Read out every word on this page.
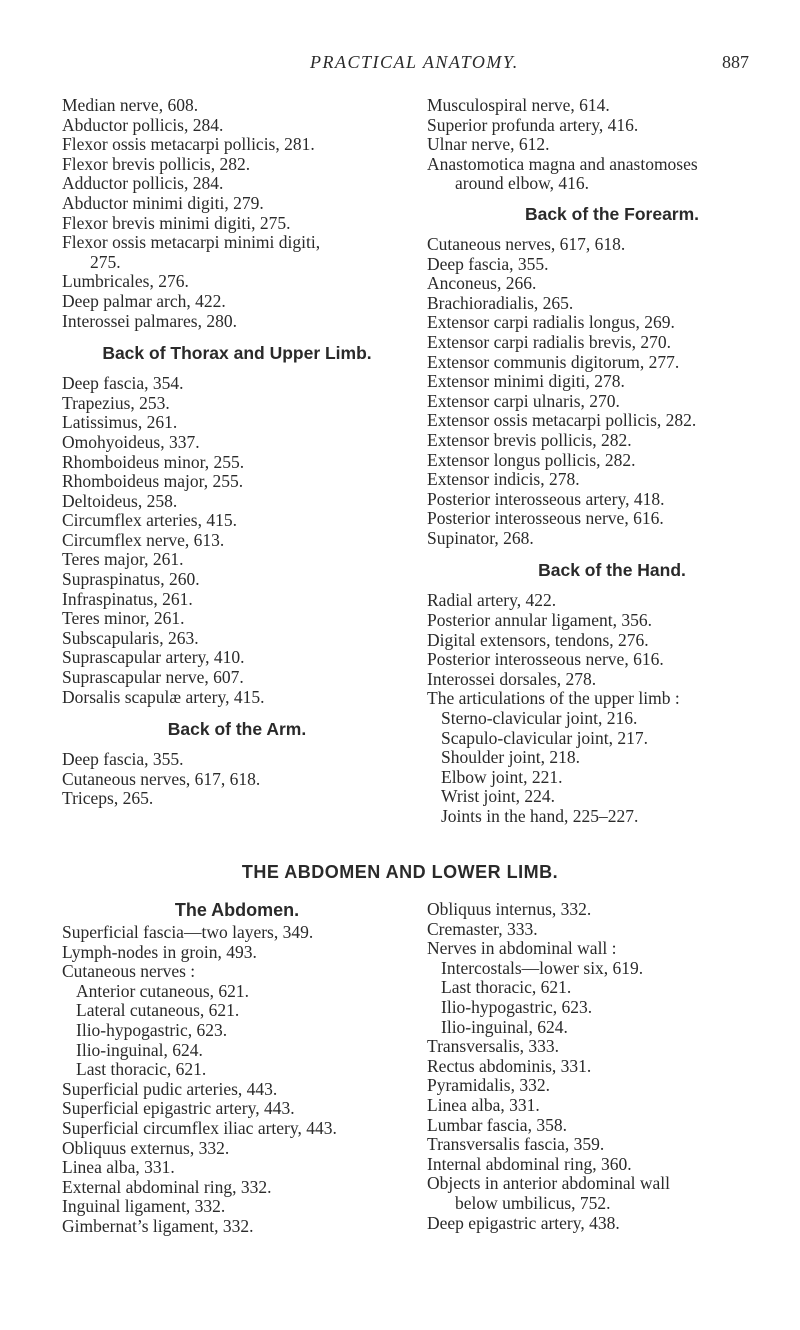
PRACTICAL ANATOMY.	887

Median nerve, 608.

Abductor pollicis, 284.

Flexor ossis metacarpi pollicis, 281.

Flexor brevis pollicis, 282.

Adductor pollicis, 284.

Abductor minimi digiti, 279.

Flexor brevis minimi digiti, 275.

Flexor ossis metacarpi minimi digiti,

275.

Lumbricales, 276.

Deep palmar arch, 422.

Interossei palmares, 280.

Back of Thorax and Upper Limb.

Deep fascia, 354.

Trapezius, 253.

Latissimus, 261.

Omohyoideus, 337.

Rhomboideus minor, 255.

Rhomboideus major, 255.

Deltoideus, 258.

Circumflex arteries, 415.

Circumflex nerve, 613.

Teres major, 261.

Supraspinatus, 260.

Infraspinatus, 261.

Teres minor, 261.

Subscapularis, 263.

Suprascapular artery, 410.

Suprascapular nerve, 607.

Dorsalis scapulæ artery, 415.

Back of the Arm.

Deep fascia, 355.

Cutaneous nerves, 617, 618.

Triceps, 265.

Musculospiral nerve, 614.

Superior profunda artery, 416.

Ulnar nerve, 612.

Anastomotica magna and anastomoses

around elbow, 416.

Back of the Forearm.

Cutaneous nerves, 617, 618.

Deep fascia, 355.

Anconeus, 266.

Brachioradialis, 265.

Extensor carpi radialis longus, 269.

Extensor carpi radialis brevis, 270.

Extensor communis digitorum, 277.

Extensor minimi digiti, 278.

Extensor carpi ulnaris, 270.

Extensor ossis metacarpi pollicis, 282.

Extensor brevis pollicis, 282.

Extensor longus pollicis, 282.

Extensor indicis, 278.

Posterior interosseous artery, 418.

Posterior interosseous nerve, 616.

Supinator, 268.

Back of the Hand.

Radial artery, 422.

Posterior annular ligament, 356.

Digital extensors, tendons, 276.

Posterior interosseous nerve, 616.

Interossei dorsales, 278.

The articulations of the upper limb :

Sterno-clavicular joint, 216.

Scapulo-clavicular joint, 217.

Shoulder joint, 218.

Elbow joint, 221.

Wrist joint, 224.

Joints in the hand, 225–227.

THE ABDOMEN AND LOWER LIMB.
The Abdomen.

Superficial fascia—two layers, 349.

Lymph-nodes in groin, 493.

Cutaneous nerves :

Anterior cutaneous, 621.

Lateral cutaneous, 621.

Ilio-hypogastric, 623.

Ilio-inguinal, 624.

Last thoracic, 621.

Superficial pudic arteries, 443.

Superficial epigastric artery, 443.

Superficial circumflex iliac artery, 443.

Obliquus externus, 332.

Linea alba, 331.

External abdominal ring, 332.

Inguinal ligament, 332.

Gimbernat’s ligament, 332.

Obliquus internus, 332.

Cremaster, 333.

Nerves in abdominal wall :

Intercostals—lower six, 619.

Last thoracic, 621.

Ilio-hypogastric, 623.

Ilio-inguinal, 624.

Transversalis, 333.

Rectus abdominis, 331.

Pyramidalis, 332.

Linea alba, 331.

Lumbar fascia, 358.

Transversalis fascia, 359.

Internal abdominal ring, 360.

Objects in anterior abdominal wall

below umbilicus, 752.

Deep epigastric artery, 438.
